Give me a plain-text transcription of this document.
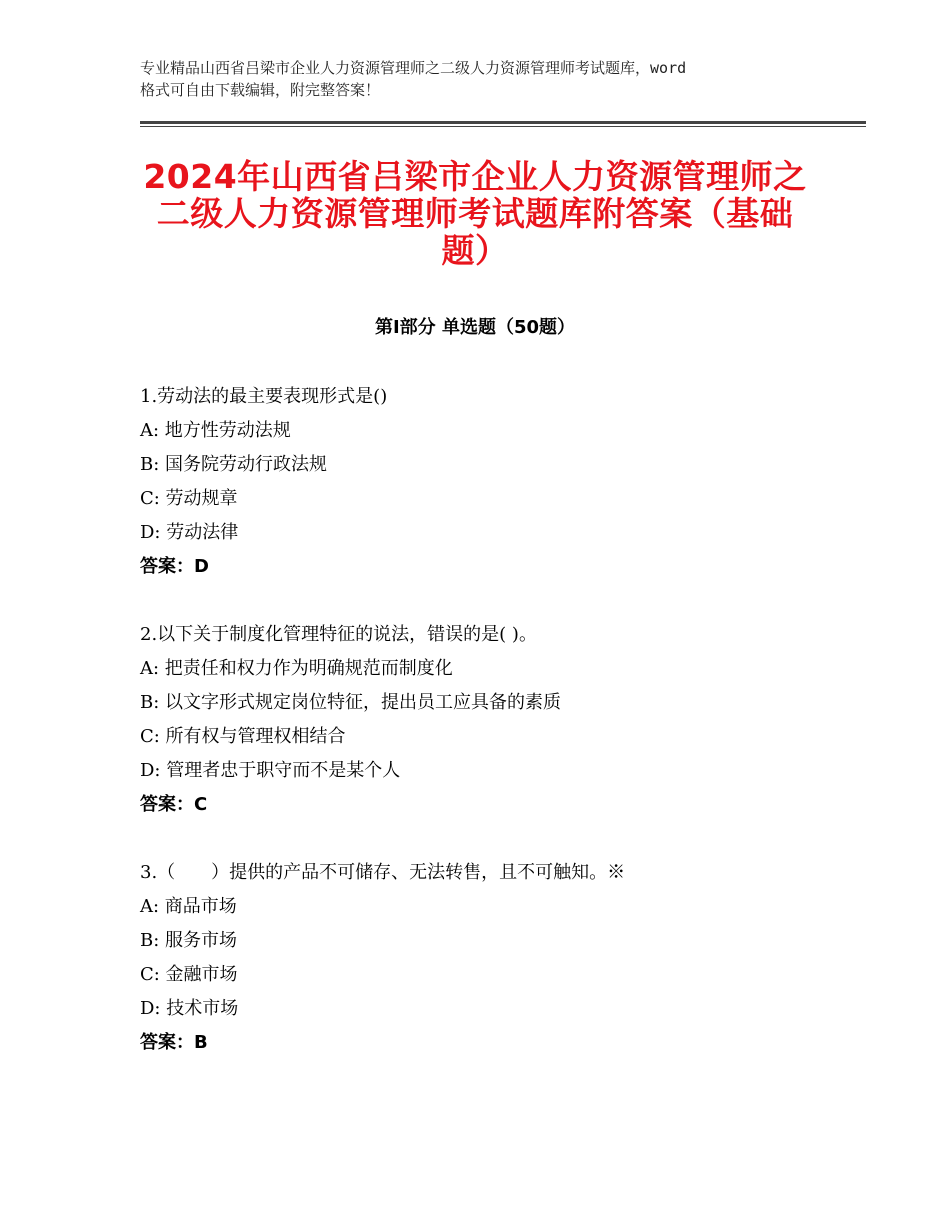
专业精品山西省吕梁市企业人力资源管理师之二级人力资源管理师考试题库，word
格式可自由下载编辑，附完整答案！
2024年山西省吕梁市企业人力资源管理师之
二级人力资源管理师考试题库附答案（基础
题）
第Ⅰ部分 单选题（50题）
1.劳动法的最主要表现形式是()
A: 地方性劳动法规
B: 国务院劳动行政法规
C: 劳动规章
D: 劳动法律
答案：D
2.以下关于制度化管理特征的说法，错误的是( )。
A: 把责任和权力作为明确规范而制度化
B: 以文字形式规定岗位特征，提出员工应具备的素质
C: 所有权与管理权相结合
D: 管理者忠于职守而不是某个人
答案：C
3.（　　）提供的产品不可储存、无法转售，且不可触知。※
A: 商品市场
B: 服务市场
C: 金融市场
D: 技术市场
答案：B
